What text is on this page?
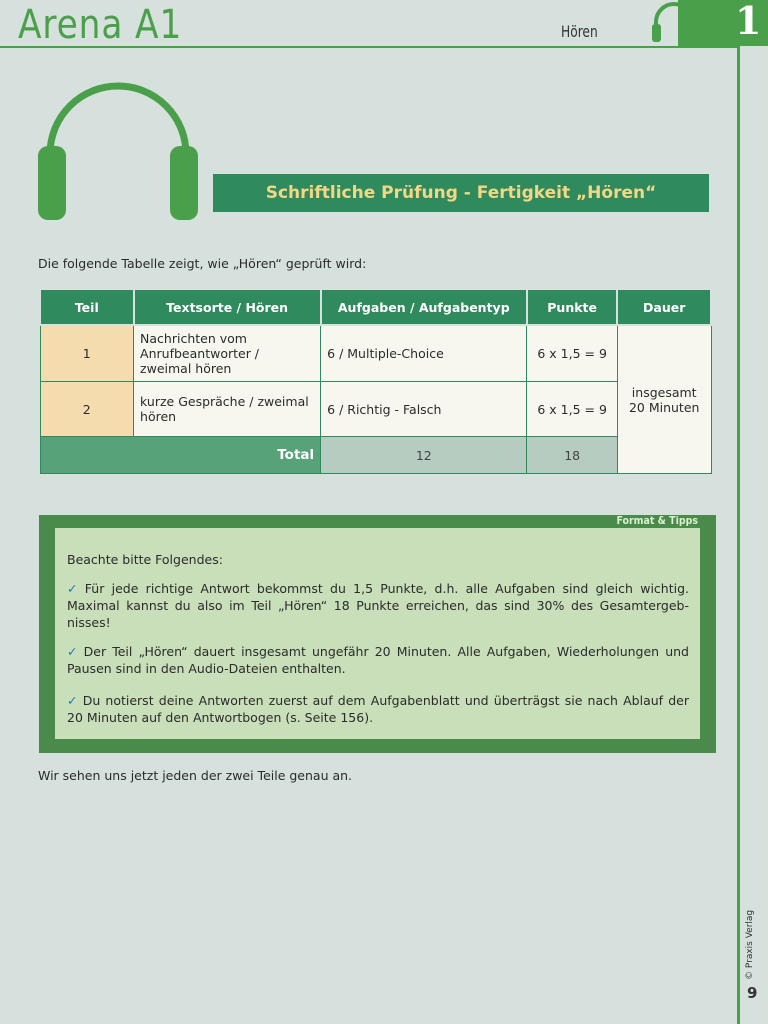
Arena A1	Hören	1
Schriftliche Prüfung - Fertigkeit „Hören“
Die folgende Tabelle zeigt, wie „Hören“ geprüft wird:
Teil	Textsorte / Hören	Aufgaben / Aufgabentyp	Punkte	Dauer
1	Nachrichten vom Anrufbeantworter / zweimal hören	6 / Multiple-Choice	6 x 1,5 = 9	insgesamt 20 Minuten
2	kurze Gespräche / zweimal hören	6 / Richtig - Falsch	6 x 1,5 = 9	
Total		12	18	
Format & Tipps
Beachte bitte Folgendes:
✓ Für jede richtige Antwort bekommst du 1,5 Punkte, d.h. alle Aufgaben sind gleich wichtig. Maximal kannst du also im Teil „Hören“ 18 Punkte erreichen, das sind 30% des Gesamtergeb-nisses!
✓ Der Teil „Hören“ dauert insgesamt ungefähr 20 Minuten. Alle Aufgaben, Wiederholungen und Pausen sind in den Audio-Dateien enthalten.
✓ Du notierst deine Antworten zuerst auf dem Aufgabenblatt und überträgst sie nach Ablauf der 20 Minuten auf den Antwortbogen (s. Seite 156).
Wir sehen uns jetzt jeden der zwei Teile genau an.
© Praxis Verlag
9
